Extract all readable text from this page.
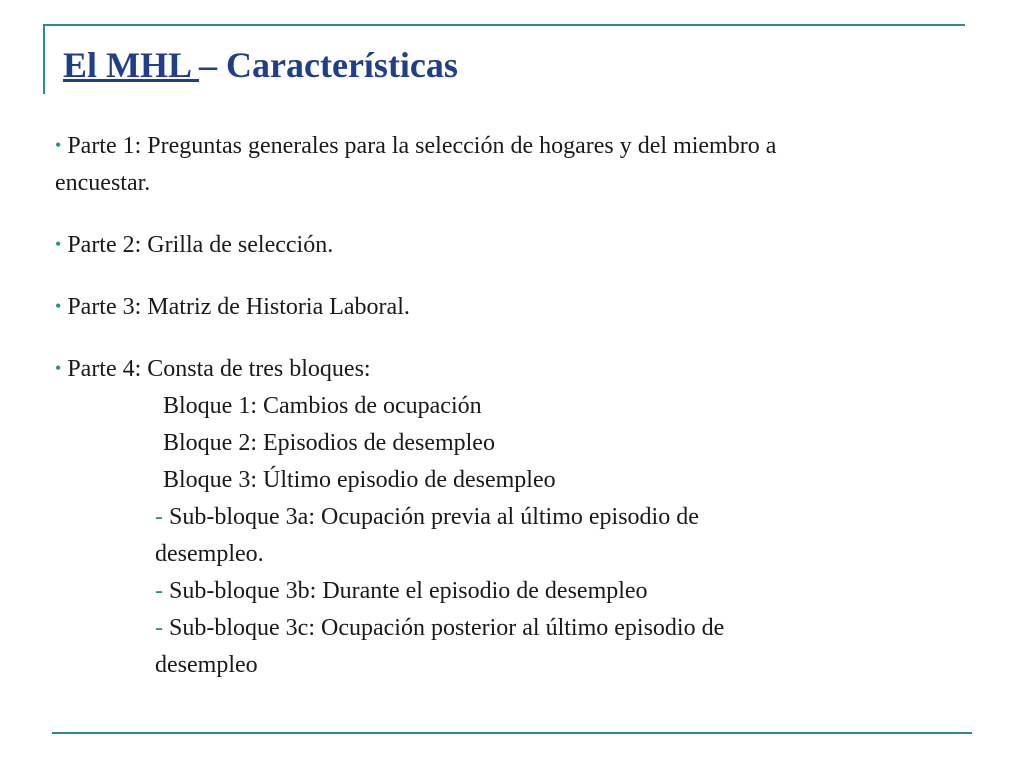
El MHL – Características

• Parte 1: Preguntas generales para la selección de hogares y del miembro a
encuestar.

• Parte 2: Grilla de selección.

• Parte 3: Matriz de Historia Laboral.

• Parte 4: Consta de tres bloques:
Bloque 1: Cambios de ocupación
Bloque 2: Episodios de desempleo
Bloque 3: Último episodio de desempleo
- Sub-bloque 3a: Ocupación previa al último episodio de
desempleo.
- Sub-bloque 3b: Durante el episodio de desempleo
- Sub-bloque 3c: Ocupación posterior al último episodio de
desempleo
